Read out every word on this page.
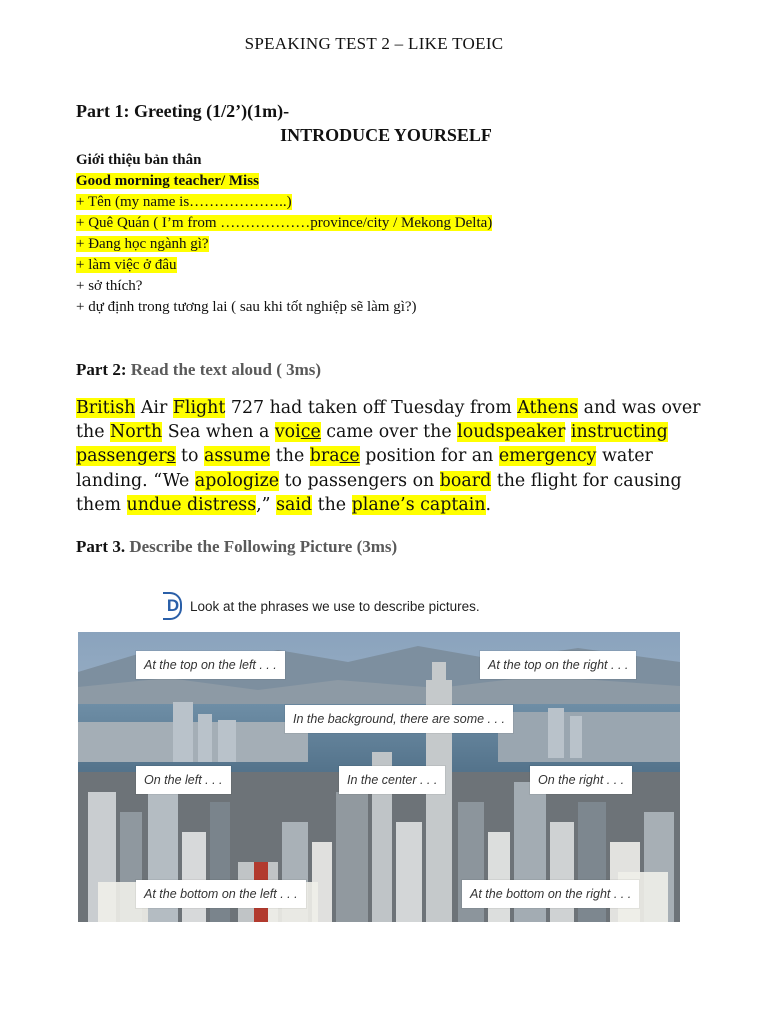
SPEAKING TEST 2 – LIKE TOEIC
Part 1: Greeting (1/2’)(1m)-
INTRODUCE YOURSELF
Giới thiệu bản thân
Good morning teacher/ Miss
+ Tên (my name is………………..)
+ Quê Quán ( I’m from ………………province/city / Mekong Delta)
+ Đang học ngành gì?
+ làm việc ở đâu
+ sở thích?
+ dự định trong tương lai ( sau khi tốt nghiệp sẽ làm gì?)
Part 2: Read the text aloud ( 3ms)
British Air Flight 727 had taken off Tuesday from Athens and was over the North Sea when a voice came over the loudspeaker instructing passengers to assume the brace position for an emergency water landing. “We apologize to passengers on board the flight for causing them undue distress,” said the plane’s captain.
Part 3. Describe the Following Picture (3ms)
D Look at the phrases we use to describe pictures.
At the top on the left . . .	At the top on the right . . .
In the background, there are some . . .
On the left . . .	In the center . . .	On the right . . .
At the bottom on the left . . .	At the bottom on the right . . .
